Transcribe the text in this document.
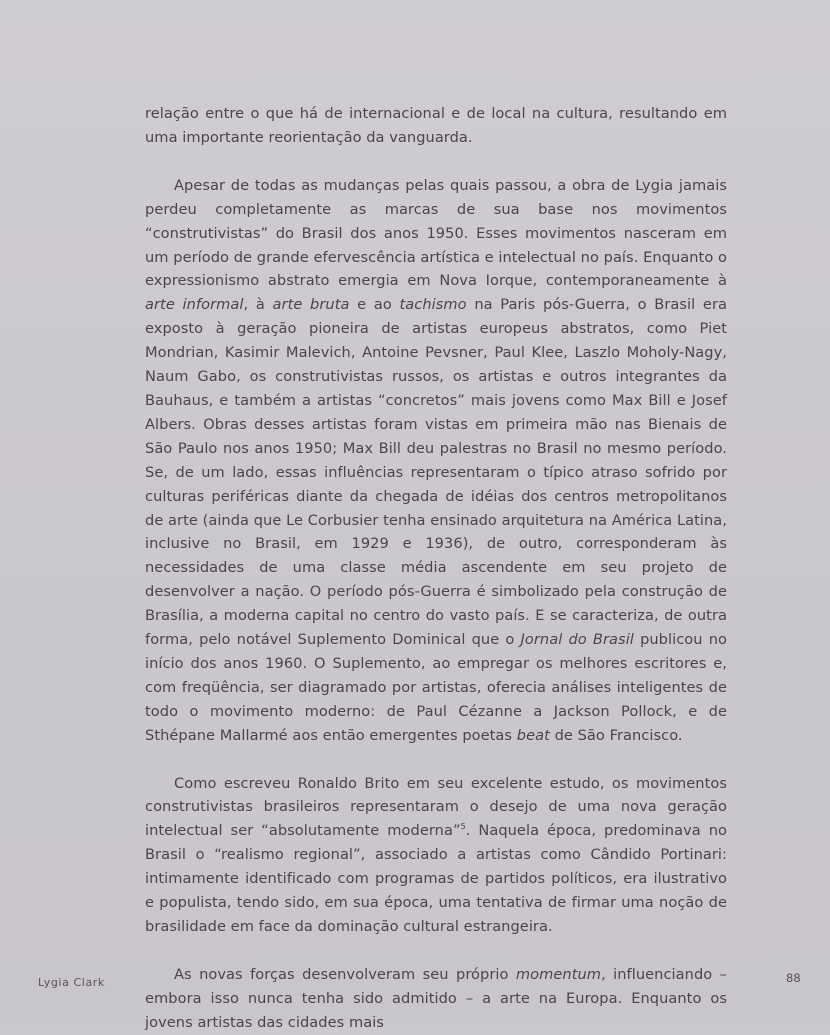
relação entre o que há de internacional e de local na cultura, resultando em uma importante reorientação da vanguarda.

Apesar de todas as mudanças pelas quais passou, a obra de Lygia jamais perdeu completamente as marcas de sua base nos movimentos “construtivistas” do Brasil dos anos 1950. Esses movimentos nasceram em um período de grande efervescência artística e intelectual no país. Enquanto o expressionismo abstrato emergia em Nova Iorque, contemporaneamente à arte informal, à arte bruta e ao tachismo na Paris pós-Guerra, o Brasil era exposto à geração pioneira de artistas europeus abstratos, como Piet Mondrian, Kasimir Malevich, Antoine Pevsner, Paul Klee, Laszlo Moholy-Nagy, Naum Gabo, os construtivistas russos, os artistas e outros integrantes da Bauhaus, e também a artistas “concretos” mais jovens como Max Bill e Josef Albers. Obras desses artistas foram vistas em primeira mão nas Bienais de São Paulo nos anos 1950; Max Bill deu palestras no Brasil no mesmo período. Se, de um lado, essas influências representaram o típico atraso sofrido por culturas periféricas diante da chegada de idéias dos centros metropolitanos de arte (ainda que Le Corbusier tenha ensinado arquitetura na América Latina, inclusive no Brasil, em 1929 e 1936), de outro, corresponderam às necessidades de uma classe média ascendente em seu projeto de desenvolver a nação. O período pós-Guerra é simbolizado pela construção de Brasília, a moderna capital no centro do vasto país. E se caracteriza, de outra forma, pelo notável Suplemento Dominical que o Jornal do Brasil publicou no início dos anos 1960. O Suplemento, ao empregar os melhores escritores e, com freqüência, ser diagramado por artistas, oferecia análises inteligentes de todo o movimento moderno: de Paul Cézanne a Jackson Pollock, e de Sthépane Mallarmé aos então emergentes poetas beat de São Francisco.

Como escreveu Ronaldo Brito em seu excelente estudo, os movimentos construtivistas brasileiros representaram o desejo de uma nova geração intelectual ser “absolutamente moderna”$^5$. Naquela época, predominava no Brasil o “realismo regional”, associado a artistas como Cândido Portinari: intimamente identificado com programas de partidos políticos, era ilustrativo e populista, tendo sido, em sua época, uma tentativa de firmar uma noção de brasilidade em face da dominação cultural estrangeira.

As novas forças desenvolveram seu próprio momentum, influenciando – embora isso nunca tenha sido admitido – a arte na Europa. Enquanto os jovens artistas das cidades mais

Lygia Clark	88
